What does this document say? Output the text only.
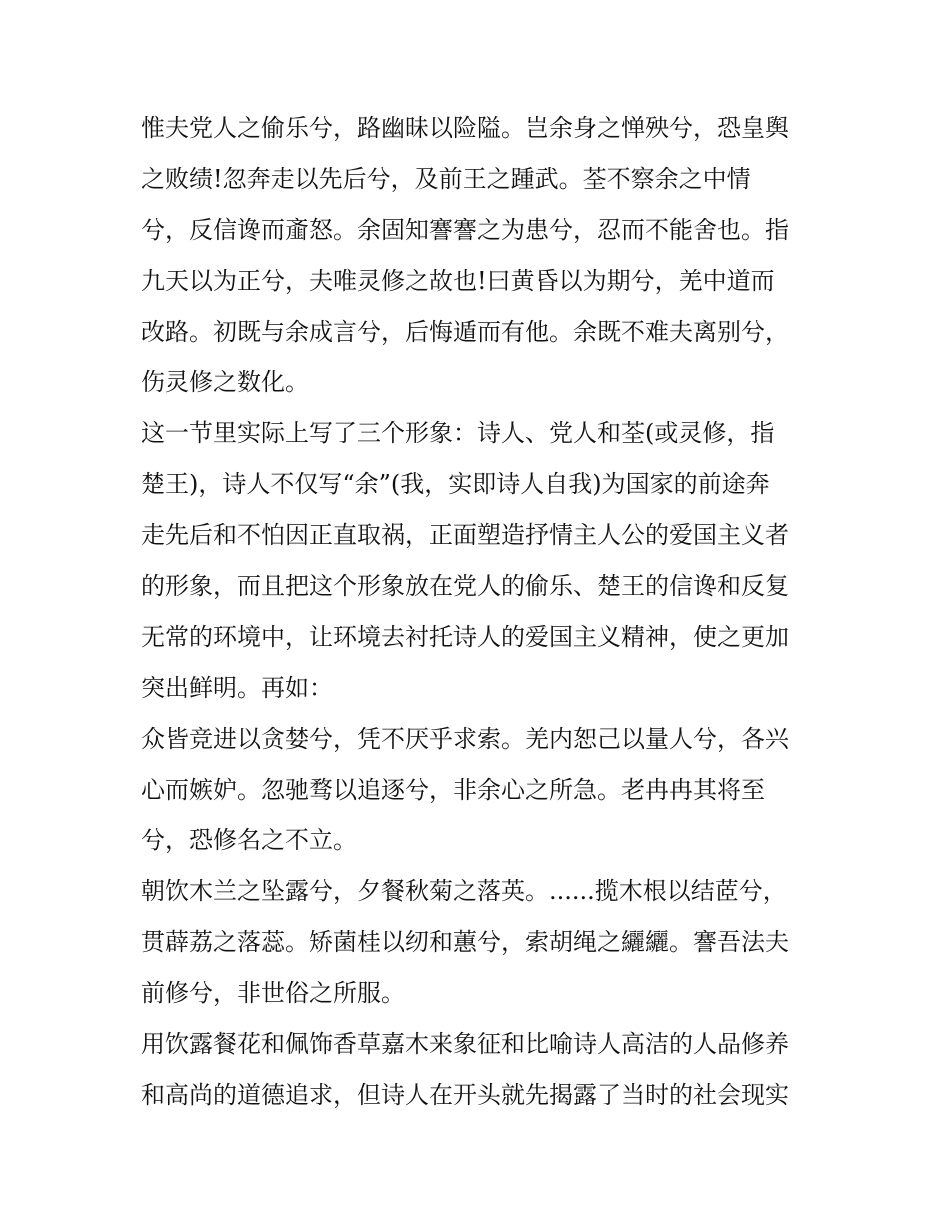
惟夫党人之偷乐兮，路幽昧以险隘。岂余身之惮殃兮，恐皇舆
之败绩!忽奔走以先后兮，及前王之踵武。荃不察余之中情
兮，反信谗而齑怒。余固知謇謇之为患兮，忍而不能舍也。指
九天以为正兮，夫唯灵修之故也!曰黄昏以为期兮，羌中道而
改路。初既与余成言兮，后悔遁而有他。余既不难夫离别兮，
伤灵修之数化。
这一节里实际上写了三个形象：诗人、党人和荃(或灵修，指
楚王)，诗人不仅写“余”(我，实即诗人自我)为国家的前途奔
走先后和不怕因正直取祸，正面塑造抒情主人公的爱国主义者
的形象，而且把这个形象放在党人的偷乐、楚王的信谗和反复
无常的环境中，让环境去衬托诗人的爱国主义精神，使之更加
突出鲜明。再如：
众皆竞进以贪婪兮，凭不厌乎求索。羌内恕己以量人兮，各兴
心而嫉妒。忽驰骛以追逐兮，非余心之所急。老冉冉其将至
兮，恐修名之不立。
朝饮木兰之坠露兮，夕餐秋菊之落英。......揽木根以结茝兮，
贯薜荔之落蕊。矫菌桂以纫和蕙兮，索胡绳之纚纚。謇吾法夫
前修兮，非世俗之所服。
用饮露餐花和佩饰香草嘉木来象征和比喻诗人高洁的人品修养
和高尚的道德追求，但诗人在开头就先揭露了当时的社会现实
